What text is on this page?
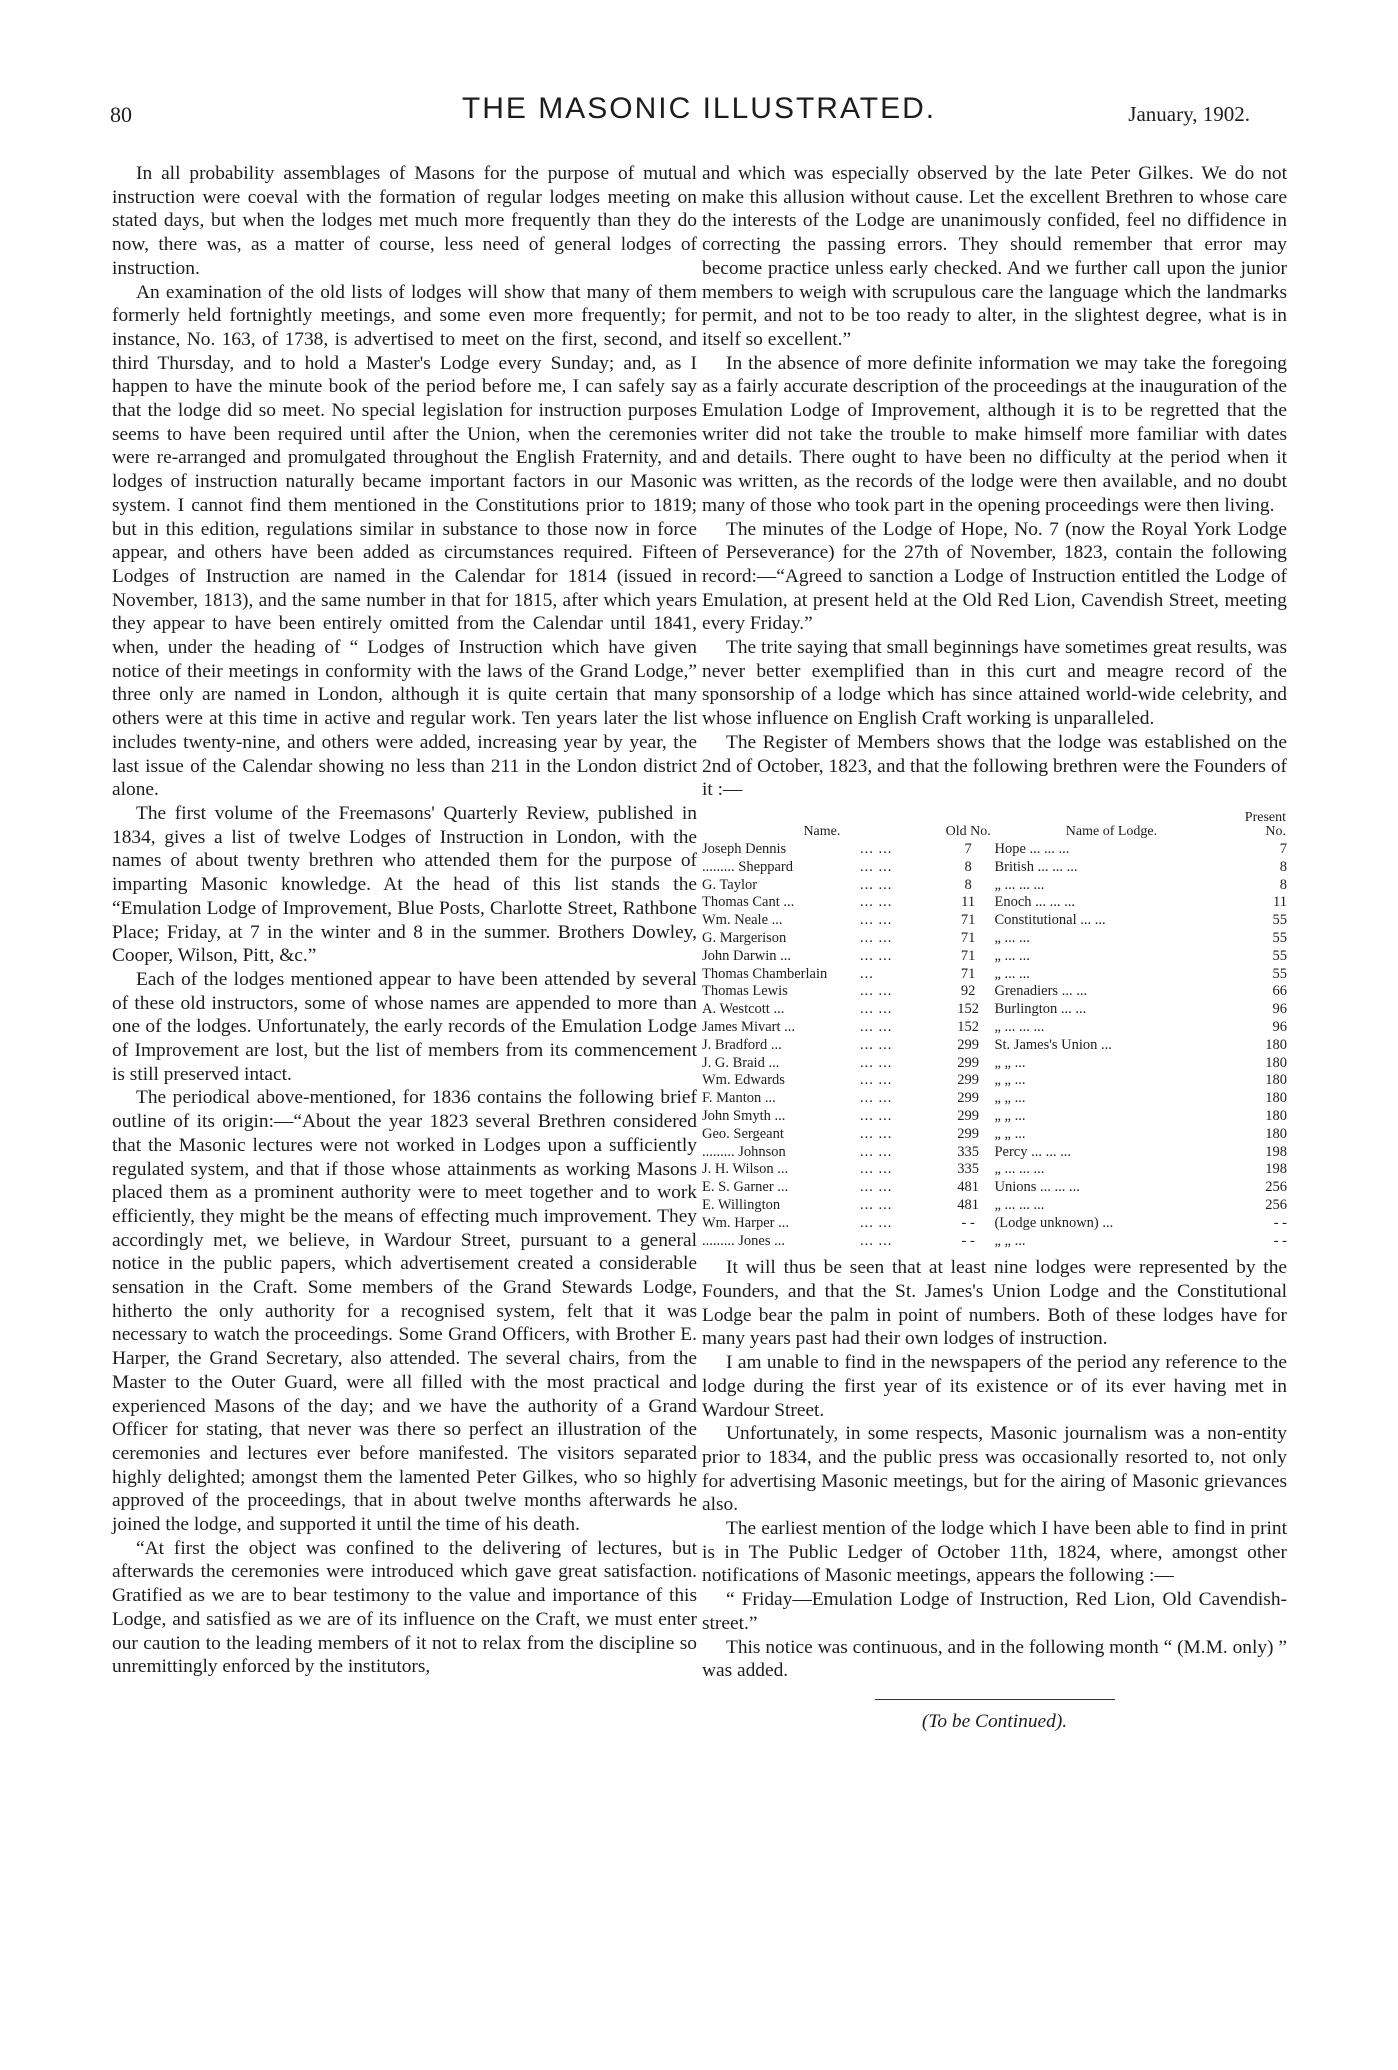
80	THE MASONIC ILLUSTRATED.	January, 1902.

In all probability assemblages of Masons for the purpose of mutual instruction were coeval with the formation of regular lodges meeting on stated days, but when the lodges met much more frequently than they do now, there was, as a matter of course, less need of general lodges of instruction.

An examination of the old lists of lodges will show that many of them formerly held fortnightly meetings, and some even more frequently; for instance, No. 163, of 1738, is advertised to meet on the first, second, and third Thursday, and to hold a Master's Lodge every Sunday; and, as I happen to have the minute book of the period before me, I can safely say that the lodge did so meet. No special legislation for instruction purposes seems to have been required until after the Union, when the ceremonies were re-arranged and promulgated throughout the English Fraternity, and lodges of instruction naturally became important factors in our Masonic system. I cannot find them mentioned in the Constitutions prior to 1819; but in this edition, regulations similar in substance to those now in force appear, and others have been added as circumstances required. Fifteen Lodges of Instruction are named in the Calendar for 1814 (issued in November, 1813), and the same number in that for 1815, after which years they appear to have been entirely omitted from the Calendar until 1841, when, under the heading of “ Lodges of Instruction which have given notice of their meetings in conformity with the laws of the Grand Lodge,” three only are named in London, although it is quite certain that many others were at this time in active and regular work. Ten years later the list includes twenty-nine, and others were added, increasing year by year, the last issue of the Calendar showing no less than 211 in the London district alone.

The first volume of the Freemasons' Quarterly Review, published in 1834, gives a list of twelve Lodges of Instruction in London, with the names of about twenty brethren who attended them for the purpose of imparting Masonic knowledge. At the head of this list stands the “Emulation Lodge of Improvement, Blue Posts, Charlotte Street, Rathbone Place; Friday, at 7 in the winter and 8 in the summer. Brothers Dowley, Cooper, Wilson, Pitt, &c.”

Each of the lodges mentioned appear to have been attended by several of these old instructors, some of whose names are appended to more than one of the lodges. Unfortunately, the early records of the Emulation Lodge of Improvement are lost, but the list of members from its commencement is still preserved intact.

The periodical above-mentioned, for 1836 contains the following brief outline of its origin:—“About the year 1823 several Brethren considered that the Masonic lectures were not worked in Lodges upon a sufficiently regulated system, and that if those whose attainments as working Masons placed them as a prominent authority were to meet together and to work efficiently, they might be the means of effecting much improvement. They accordingly met, we believe, in Wardour Street, pursuant to a general notice in the public papers, which advertisement created a considerable sensation in the Craft. Some members of the Grand Stewards Lodge, hitherto the only authority for a recognised system, felt that it was necessary to watch the proceedings. Some Grand Officers, with Brother E. Harper, the Grand Secretary, also attended. The several chairs, from the Master to the Outer Guard, were all filled with the most practical and experienced Masons of the day; and we have the authority of a Grand Officer for stating, that never was there so perfect an illustration of the ceremonies and lectures ever before manifested. The visitors separated highly delighted; amongst them the lamented Peter Gilkes, who so highly approved of the proceedings, that in about twelve months afterwards he joined the lodge, and supported it until the time of his death.

“At first the object was confined to the delivering of lectures, but afterwards the ceremonies were introduced which gave great satisfaction. Gratified as we are to bear testimony to the value and importance of this Lodge, and satisfied as we are of its influence on the Craft, we must enter our caution to the leading members of it not to relax from the discipline so unremittingly enforced by the institutors,

and which was especially observed by the late Peter Gilkes. We do not make this allusion without cause. Let the excellent Brethren to whose care the interests of the Lodge are unanimously confided, feel no diffidence in correcting the passing errors. They should remember that error may become practice unless early checked. And we further call upon the junior members to weigh with scrupulous care the language which the landmarks permit, and not to be too ready to alter, in the slightest degree, what is in itself so excellent.”

In the absence of more definite information we may take the foregoing as a fairly accurate description of the proceedings at the inauguration of the Emulation Lodge of Improvement, although it is to be regretted that the writer did not take the trouble to make himself more familiar with dates and details. There ought to have been no difficulty at the period when it was written, as the records of the lodge were then available, and no doubt many of those who took part in the opening proceedings were then living.

The minutes of the Lodge of Hope, No. 7 (now the Royal York Lodge of Perseverance) for the 27th of November, 1823, contain the following record:—“Agreed to sanction a Lodge of Instruction entitled the Lodge of Emulation, at present held at the Old Red Lion, Cavendish Street, meeting every Friday.”

The trite saying that small beginnings have sometimes great results, was never better exemplified than in this curt and meagre record of the sponsorship of a lodge which has since attained world-wide celebrity, and whose influence on English Craft working is unparalleled.

The Register of Members shows that the lodge was established on the 2nd of October, 1823, and that the following brethren were the Founders of it :—

Name.		Old No.	Name of Lodge.	Present No.
Joseph Dennis	... ...	7	Hope ... ... ...	7
......... Sheppard	... ...	8	British ... ... ...	8
G. Taylor	... ...	8	„ ... ... ...	8
Thomas Cant ...	... ...	11	Enoch ... ... ...	11
Wm. Neale ...	... ...	71	Constitutional ... ...	55
G. Margerison	... ...	71	„ ... ...	55
John Darwin ...	... ...	71	„ ... ...	55
Thomas Chamberlain	...	71	„ ... ...	55
Thomas Lewis	... ...	92	Grenadiers ... ...	66
A. Westcott ...	... ...	152	Burlington ... ...	96
James Mivart ...	... ...	152	„ ... ... ...	96
J. Bradford ...	... ...	299	St. James's Union ...	180
J. G. Braid ...	... ...	299	„ „ ...	180
Wm. Edwards	... ...	299	„ „ ...	180
F. Manton ...	... ...	299	„ „ ...	180
John Smyth ...	... ...	299	„ „ ...	180
Geo. Sergeant	... ...	299	„ „ ...	180
......... Johnson	... ...	335	Percy ... ... ...	198
J. H. Wilson ...	... ...	335	„ ... ... ...	198
E. S. Garner ...	... ...	481	Unions ... ... ...	256
E. Willington	... ...	481	„ ... ... ...	256
Wm. Harper ...	... ...	- -	(Lodge unknown) ...	- -
......... Jones ...	... ...	- -	„ „ ...	- -

It will thus be seen that at least nine lodges were represented by the Founders, and that the St. James's Union Lodge and the Constitutional Lodge bear the palm in point of numbers. Both of these lodges have for many years past had their own lodges of instruction.

I am unable to find in the newspapers of the period any reference to the lodge during the first year of its existence or of its ever having met in Wardour Street.

Unfortunately, in some respects, Masonic journalism was a non-entity prior to 1834, and the public press was occasionally resorted to, not only for advertising Masonic meetings, but for the airing of Masonic grievances also.

The earliest mention of the lodge which I have been able to find in print is in The Public Ledger of October 11th, 1824, where, amongst other notifications of Masonic meetings, appears the following :—

“ Friday—Emulation Lodge of Instruction, Red Lion, Old Cavendish-street.”

This notice was continuous, and in the following month “ (M.M. only) ” was added.

(To be Continued).
